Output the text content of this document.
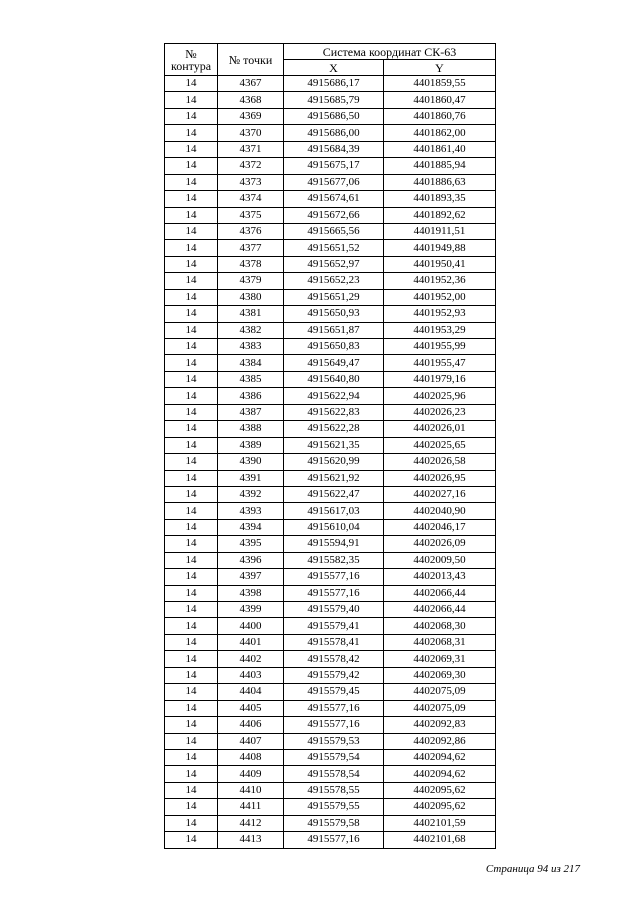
№
контура	№ точки	Система координат СК-63	
		X	Y
14	4367	4915686,17	4401859,55
14	4368	4915685,79	4401860,47
14	4369	4915686,50	4401860,76
14	4370	4915686,00	4401862,00
14	4371	4915684,39	4401861,40
14	4372	4915675,17	4401885,94
14	4373	4915677,06	4401886,63
14	4374	4915674,61	4401893,35
14	4375	4915672,66	4401892,62
14	4376	4915665,56	4401911,51
14	4377	4915651,52	4401949,88
14	4378	4915652,97	4401950,41
14	4379	4915652,23	4401952,36
14	4380	4915651,29	4401952,00
14	4381	4915650,93	4401952,93
14	4382	4915651,87	4401953,29
14	4383	4915650,83	4401955,99
14	4384	4915649,47	4401955,47
14	4385	4915640,80	4401979,16
14	4386	4915622,94	4402025,96
14	4387	4915622,83	4402026,23
14	4388	4915622,28	4402026,01
14	4389	4915621,35	4402025,65
14	4390	4915620,99	4402026,58
14	4391	4915621,92	4402026,95
14	4392	4915622,47	4402027,16
14	4393	4915617,03	4402040,90
14	4394	4915610,04	4402046,17
14	4395	4915594,91	4402026,09
14	4396	4915582,35	4402009,50
14	4397	4915577,16	4402013,43
14	4398	4915577,16	4402066,44
14	4399	4915579,40	4402066,44
14	4400	4915579,41	4402068,30
14	4401	4915578,41	4402068,31
14	4402	4915578,42	4402069,31
14	4403	4915579,42	4402069,30
14	4404	4915579,45	4402075,09
14	4405	4915577,16	4402075,09
14	4406	4915577,16	4402092,83
14	4407	4915579,53	4402092,86
14	4408	4915579,54	4402094,62
14	4409	4915578,54	4402094,62
14	4410	4915578,55	4402095,62
14	4411	4915579,55	4402095,62
14	4412	4915579,58	4402101,59
14	4413	4915577,16	4402101,68
Страница 94 из 217
